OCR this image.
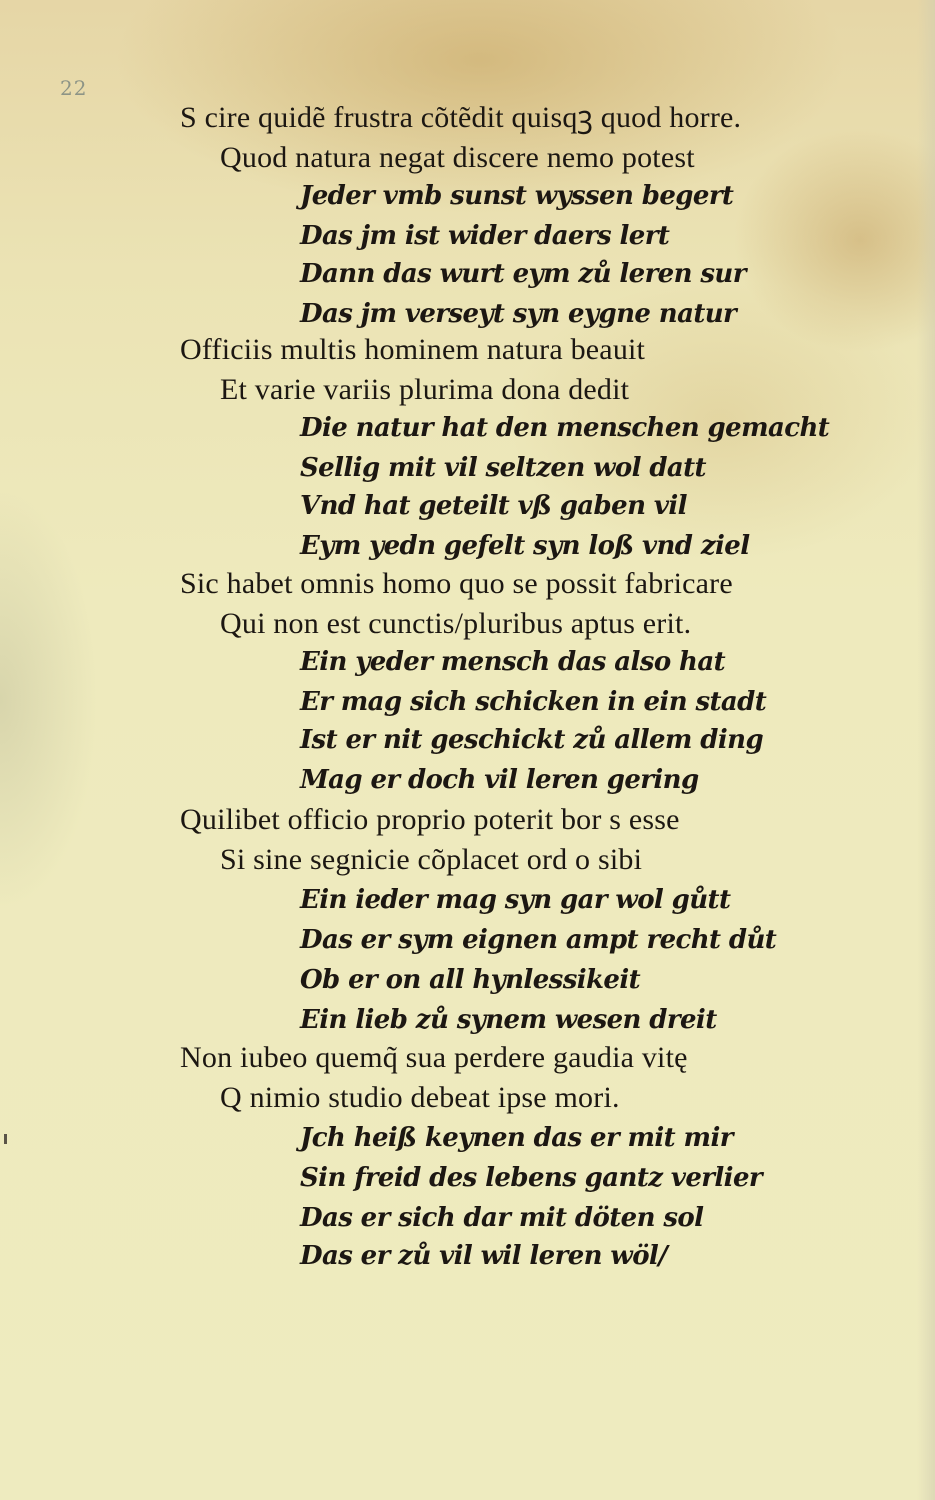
22
S cire quidẽ frustra cõtẽdit quisqꝫ quod horre.
Quod natura negat discere nemo potest
Jeder vmb sunst wyssen begert
Das jm ist wider daers lert
Dann das wurt eym zů leren sur
Das jm verseyt syn eygne natur
Officiis multis hominem natura beauit
Et varie variis plurima dona dedit
Die natur hat den menschen gemacht
Sellig mit vil seltzen wol datt
Vnd hat geteilt vß gaben vil
Eym yedn gefelt syn loß vnd ziel
Sic habet omnis homo quo se possit fabricare
Qui non est cunctis/pluribus aptus erit.
Ein yeder mensch das also hat
Er mag sich schicken in ein stadt
Ist er nit geschickt zů allem ding
Mag er doch vil leren gering
Quilibet officio proprio poterit bor s esse
Si sine segnicie cõplacet ord o sibi
Ein ieder mag syn gar wol gůtt
Das er sym eignen ampt recht důt
Ob er on all hynlessikeit
Ein lieb zů synem wesen dreit
Non iubeo quemq̃ sua perdere gaudia vitę
Q nimio studio debeat ipse mori.
Jch heiß keynen das er mit mir
Sin freid des lebens gantz verlier
Das er sich dar mit döten sol
Das er zů vil wil leren wöl/
